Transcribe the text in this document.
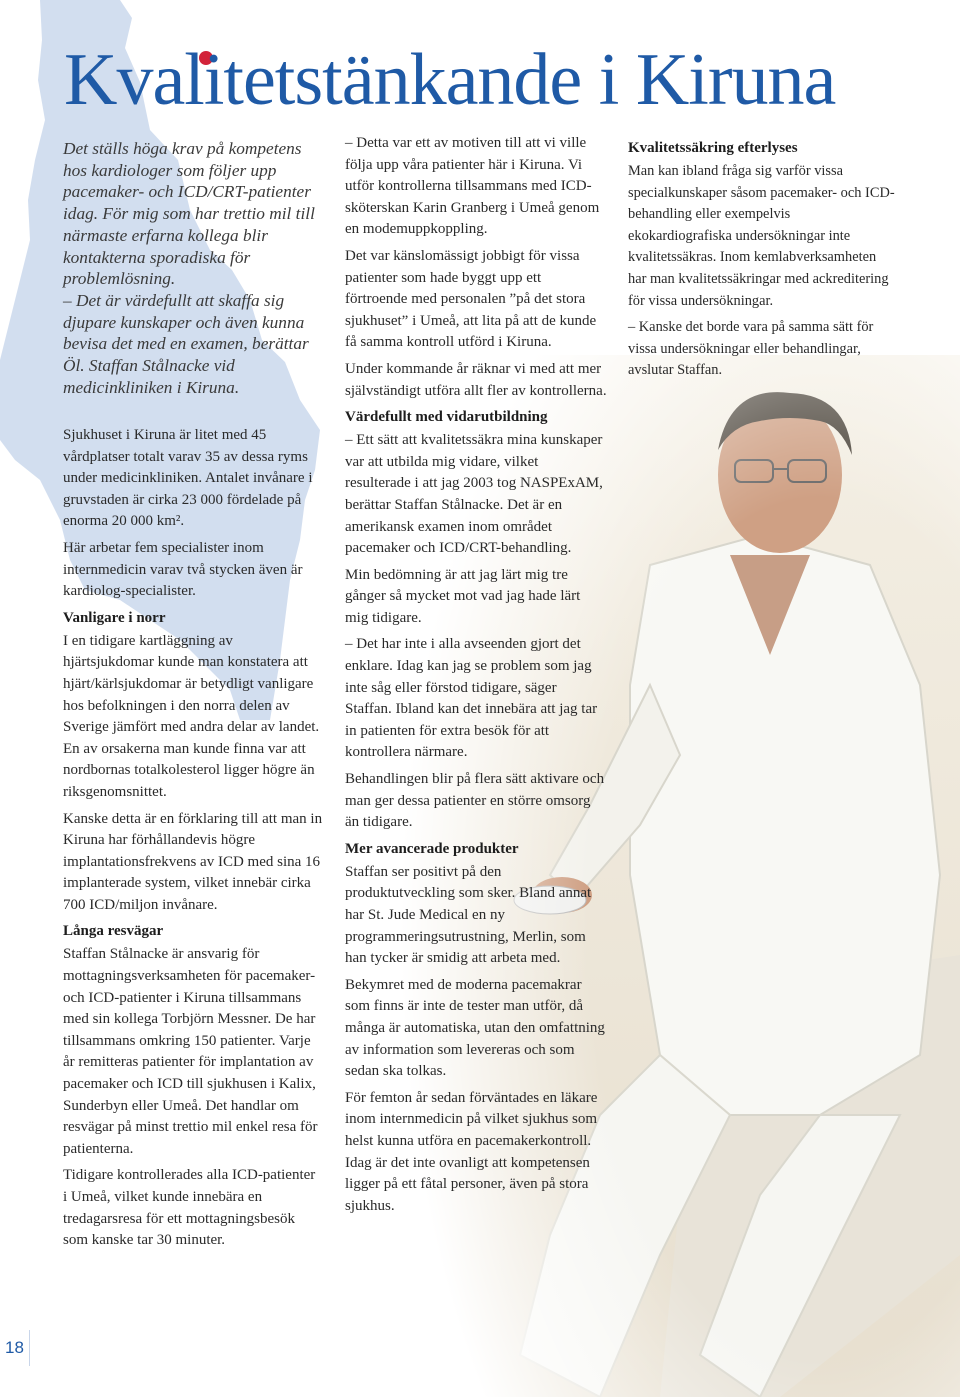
Kvalitetstänkande i Kiruna

Det ställs höga krav på kompetens hos kardiologer som följer upp pacemaker- och ICD/CRT-patienter idag. För mig som har trettio mil till närmaste erfarna kollega blir kontakterna sporadiska för problemlösning.

– Det är värdefullt att skaffa sig djupare kunskaper och även kunna bevisa det med en examen, berättar Öl. Staffan Stålnacke vid medicinkliniken i Kiruna.

Sjukhuset i Kiruna är litet med 45 vårdplatser totalt varav 35 av dessa ryms under medicinkliniken. Antalet invånare i gruvstaden är cirka 23 000 fördelade på enorma 20 000 km².

Här arbetar fem specialister inom internmedicin varav två stycken även är kardiolog-specialister.

Vanligare i norr

I en tidigare kartläggning av hjärtsjukdomar kunde man konstatera att hjärt/kärlsjukdomar är betydligt vanligare hos befolkningen i den norra delen av Sverige jämfört med andra delar av landet. En av orsakerna man kunde finna var att nordbornas totalkolesterol ligger högre än riksgenomsnittet.

Kanske detta är en förklaring till att man in Kiruna har förhållandevis högre implantationsfrekvens av ICD med sina 16 implanterade system, vilket innebär cirka 700 ICD/miljon invånare.

Långa resvägar

Staffan Stålnacke är ansvarig för mottagningsverksamheten för pacemaker- och ICD-patienter i Kiruna tillsammans med sin kollega Torbjörn Messner. De har tillsammans omkring 150 patienter. Varje år remitteras patienter för implantation av pacemaker och ICD till sjukhusen i Kalix, Sunderbyn eller Umeå. Det handlar om resvägar på minst trettio mil enkel resa för patienterna.

Tidigare kontrollerades alla ICD-patienter i Umeå, vilket kunde innebära en tredagarsresa för ett mottagningsbesök som kanske tar 30 minuter.

– Detta var ett av motiven till att vi ville följa upp våra patienter här i Kiruna. Vi utför kontrollerna tillsammans med ICD-sköterskan Karin Granberg i Umeå genom en modemuppkoppling.

Det var känslomässigt jobbigt för vissa patienter som hade byggt upp ett förtroende med personalen ”på det stora sjukhuset” i Umeå, att lita på att de kunde få samma kontroll utförd i Kiruna.

Under kommande år räknar vi med att mer självständigt utföra allt fler av kontrollerna.

Värdefullt med vidarutbildning

– Ett sätt att kvalitetssäkra mina kunskaper var att utbilda mig vidare, vilket resulterade i att jag 2003 tog NASPExAM, berättar Staffan Stålnacke. Det är en amerikansk examen inom området pacemaker och ICD/CRT-behandling.

Min bedömning är att jag lärt mig tre gånger så mycket mot vad jag hade lärt mig tidigare.

– Det har inte i alla avseenden gjort det enklare. Idag kan jag se problem som jag inte såg eller förstod tidigare, säger Staffan. Ibland kan det innebära att jag tar in patienten för extra besök för att kontrollera närmare.

Behandlingen blir på flera sätt aktivare och man ger dessa patienter en större omsorg än tidigare.

Mer avancerade produkter

Staffan ser positivt på den produktutveckling som sker. Bland annat har St. Jude Medical en ny programmeringsutrustning, Merlin, som han tycker är smidig att arbeta med.

Bekymret med de moderna pacemakrar som finns är inte de tester man utför, då många är automatiska, utan den omfattning av information som levereras och som sedan ska tolkas.

För femton år sedan förväntades en läkare inom internmedicin på vilket sjukhus som helst kunna utföra en pacemakerkontroll. Idag är det inte ovanligt att kompetensen ligger på ett fåtal personer, även på stora sjukhus.

Kvalitetssäkring efterlyses

Man kan ibland fråga sig varför vissa specialkunskaper såsom pacemaker- och ICD-behandling eller exempelvis ekokardiografiska undersökningar inte kvalitetssäkras. Inom kemlabverksamheten har man kvalitetssäkringar med ackreditering för vissa undersökningar.

– Kanske det borde vara på samma sätt för vissa undersökningar eller behandlingar, avslutar Staffan.

18
